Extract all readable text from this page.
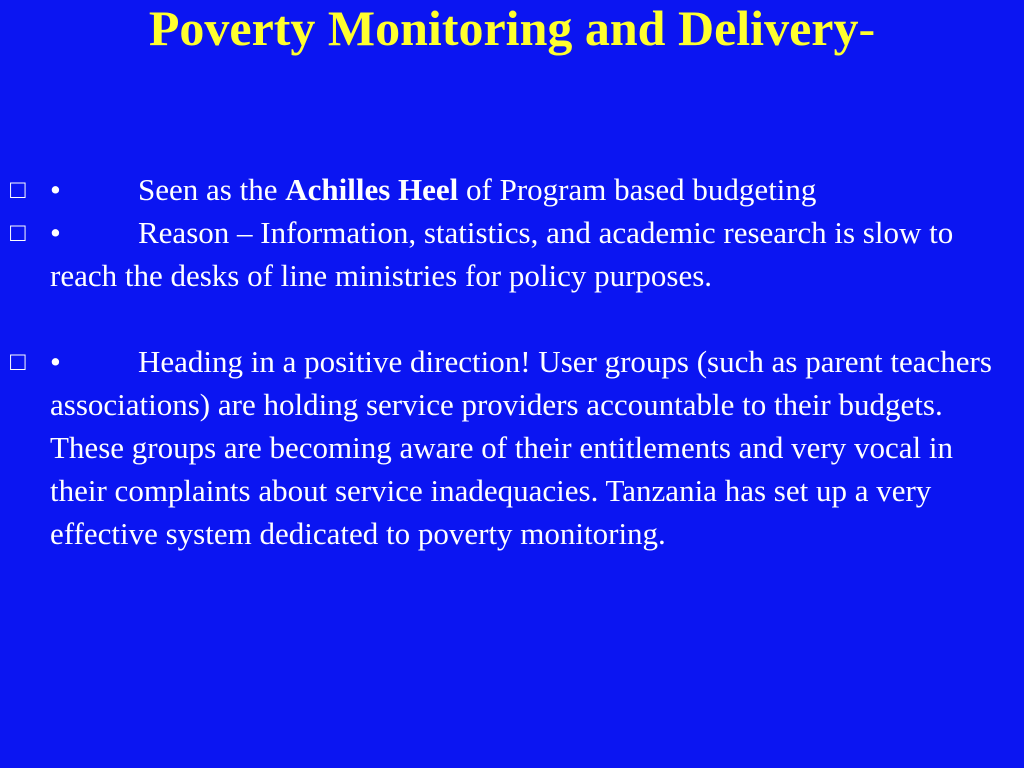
Poverty Monitoring and Delivery-
□ • Seen as the Achilles Heel of Program based budgeting
□ • Reason – Information, statistics, and academic research is slow to reach the desks of line ministries for policy purposes.
□ • Heading in a positive direction! User groups (such as parent teachers associations) are holding service providers accountable to their budgets. These groups are becoming aware of their entitlements and very vocal in their complaints about service inadequacies. Tanzania has set up a very effective system dedicated to poverty monitoring.
